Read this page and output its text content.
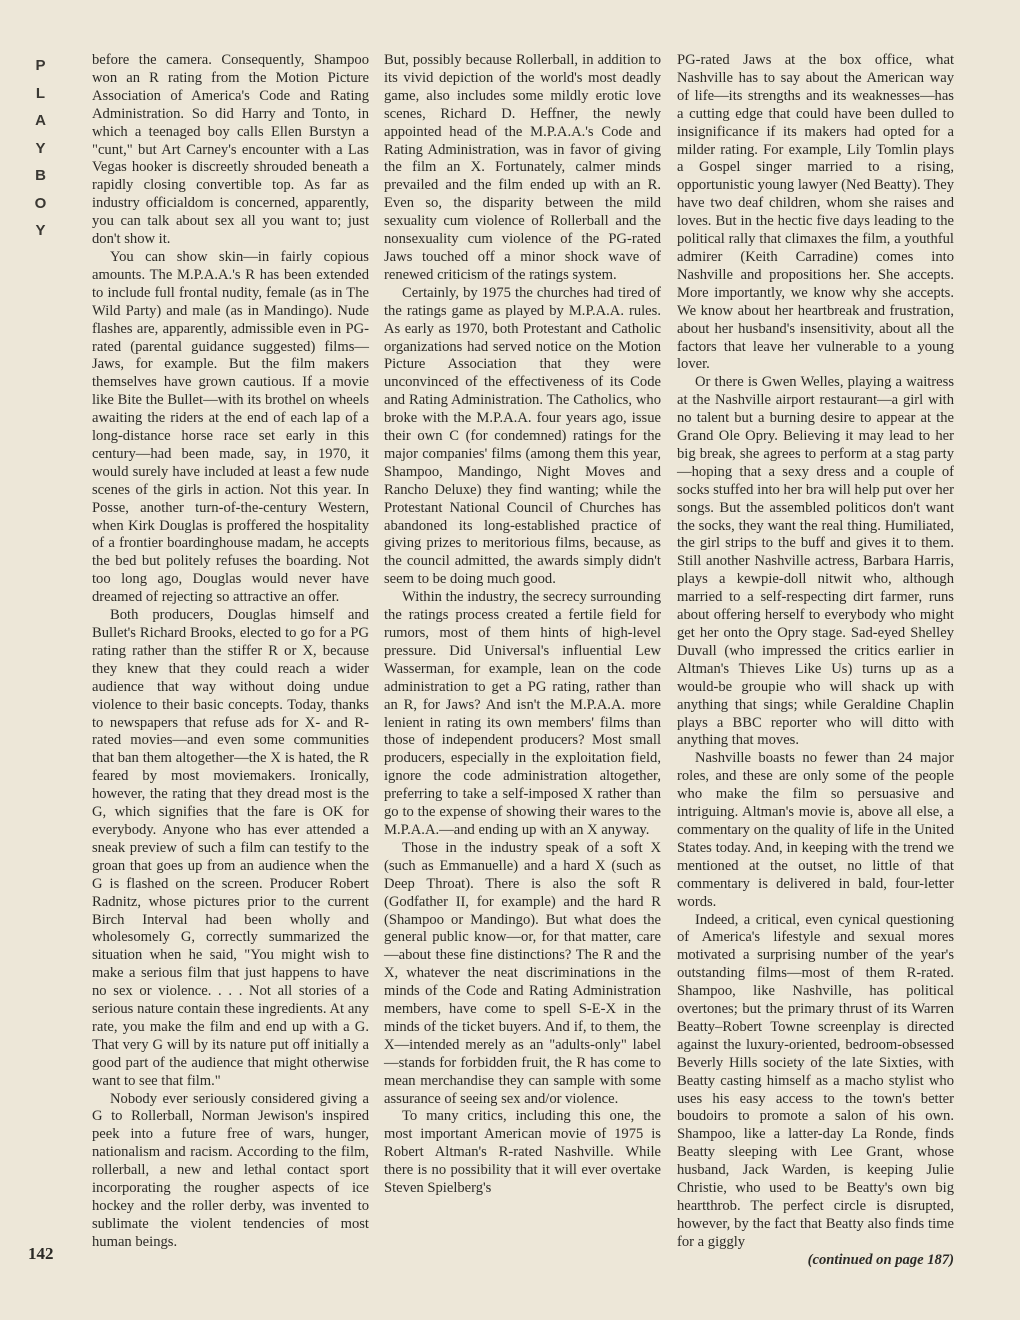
P
L
A
Y
B
O
Y
142

before the camera. Consequently, Shampoo won an R rating from the Motion Picture Association of America's Code and Rating Administration. So did Harry and Tonto, in which a teenaged boy calls Ellen Burstyn a "cunt," but Art Carney's encounter with a Las Vegas hooker is discreetly shrouded beneath a rapidly closing convertible top. As far as industry officialdom is concerned, apparently, you can talk about sex all you want to; just don't show it.

You can show skin—in fairly copious amounts. The M.P.A.A.'s R has been extended to include full frontal nudity, female (as in The Wild Party) and male (as in Mandingo). Nude flashes are, apparently, admissible even in PG-rated (parental guidance suggested) films—Jaws, for example. But the film makers themselves have grown cautious. If a movie like Bite the Bullet—with its brothel on wheels awaiting the riders at the end of each lap of a long-distance horse race set early in this century—had been made, say, in 1970, it would surely have included at least a few nude scenes of the girls in action. Not this year. In Posse, another turn-of-the-century Western, when Kirk Douglas is proffered the hospitality of a frontier boardinghouse madam, he accepts the bed but politely refuses the boarding. Not too long ago, Douglas would never have dreamed of rejecting so attractive an offer.

Both producers, Douglas himself and Bullet's Richard Brooks, elected to go for a PG rating rather than the stiffer R or X, because they knew that they could reach a wider audience that way without doing undue violence to their basic concepts. Today, thanks to newspapers that refuse ads for X- and R-rated movies—and even some communities that ban them altogether—the X is hated, the R feared by most moviemakers. Ironically, however, the rating that they dread most is the G, which signifies that the fare is OK for everybody. Anyone who has ever attended a sneak preview of such a film can testify to the groan that goes up from an audience when the G is flashed on the screen. Producer Robert Radnitz, whose pictures prior to the current Birch Interval had been wholly and wholesomely G, correctly summarized the situation when he said, "You might wish to make a serious film that just happens to have no sex or violence. . . . Not all stories of a serious nature contain these ingredients. At any rate, you make the film and end up with a G. That very G will by its nature put off initially a good part of the audience that might otherwise want to see that film."

Nobody ever seriously considered giving a G to Rollerball, Norman Jewison's inspired peek into a future free of wars, hunger, nationalism and racism. According to the film, rollerball, a new and lethal contact sport incorporating the rougher aspects of ice hockey and the roller derby, was invented to sublimate the violent tendencies of most human beings.

But, possibly because Rollerball, in addition to its vivid depiction of the world's most deadly game, also includes some mildly erotic love scenes, Richard D. Heffner, the newly appointed head of the M.P.A.A.'s Code and Rating Administration, was in favor of giving the film an X. Fortunately, calmer minds prevailed and the film ended up with an R. Even so, the disparity between the mild sexuality cum violence of Rollerball and the nonsexuality cum violence of the PG-rated Jaws touched off a minor shock wave of renewed criticism of the ratings system.

Certainly, by 1975 the churches had tired of the ratings game as played by M.P.A.A. rules. As early as 1970, both Protestant and Catholic organizations had served notice on the Motion Picture Association that they were unconvinced of the effectiveness of its Code and Rating Administration. The Catholics, who broke with the M.P.A.A. four years ago, issue their own C (for condemned) ratings for the major companies' films (among them this year, Shampoo, Mandingo, Night Moves and Rancho Deluxe) they find wanting; while the Protestant National Council of Churches has abandoned its long-established practice of giving prizes to meritorious films, because, as the council admitted, the awards simply didn't seem to be doing much good.

Within the industry, the secrecy surrounding the ratings process created a fertile field for rumors, most of them hints of high-level pressure. Did Universal's influential Lew Wasserman, for example, lean on the code administration to get a PG rating, rather than an R, for Jaws? And isn't the M.P.A.A. more lenient in rating its own members' films than those of independent producers? Most small producers, especially in the exploitation field, ignore the code administration altogether, preferring to take a self-imposed X rather than go to the expense of showing their wares to the M.P.A.A.—and ending up with an X anyway.

Those in the industry speak of a soft X (such as Emmanuelle) and a hard X (such as Deep Throat). There is also the soft R (Godfather II, for example) and the hard R (Shampoo or Mandingo). But what does the general public know—or, for that matter, care—about these fine distinctions? The R and the X, whatever the neat discriminations in the minds of the Code and Rating Administration members, have come to spell S-E-X in the minds of the ticket buyers. And if, to them, the X—intended merely as an "adults-only" label—stands for forbidden fruit, the R has come to mean merchandise they can sample with some assurance of seeing sex and/or violence.

To many critics, including this one, the most important American movie of 1975 is Robert Altman's R-rated Nashville. While there is no possibility that it will ever overtake Steven Spielberg's

PG-rated Jaws at the box office, what Nashville has to say about the American way of life—its strengths and its weaknesses—has a cutting edge that could have been dulled to insignificance if its makers had opted for a milder rating. For example, Lily Tomlin plays a Gospel singer married to a rising, opportunistic young lawyer (Ned Beatty). They have two deaf children, whom she raises and loves. But in the hectic five days leading to the political rally that climaxes the film, a youthful admirer (Keith Carradine) comes into Nashville and propositions her. She accepts. More importantly, we know why she accepts. We know about her heartbreak and frustration, about her husband's insensitivity, about all the factors that leave her vulnerable to a young lover.

Or there is Gwen Welles, playing a waitress at the Nashville airport restaurant—a girl with no talent but a burning desire to appear at the Grand Ole Opry. Believing it may lead to her big break, she agrees to perform at a stag party—hoping that a sexy dress and a couple of socks stuffed into her bra will help put over her songs. But the assembled politicos don't want the socks, they want the real thing. Humiliated, the girl strips to the buff and gives it to them. Still another Nashville actress, Barbara Harris, plays a kewpie-doll nitwit who, although married to a self-respecting dirt farmer, runs about offering herself to everybody who might get her onto the Opry stage. Sad-eyed Shelley Duvall (who impressed the critics earlier in Altman's Thieves Like Us) turns up as a would-be groupie who will shack up with anything that sings; while Geraldine Chaplin plays a BBC reporter who will ditto with anything that moves.

Nashville boasts no fewer than 24 major roles, and these are only some of the people who make the film so persuasive and intriguing. Altman's movie is, above all else, a commentary on the quality of life in the United States today. And, in keeping with the trend we mentioned at the outset, no little of that commentary is delivered in bald, four-letter words.

Indeed, a critical, even cynical questioning of America's lifestyle and sexual mores motivated a surprising number of the year's outstanding films—most of them R-rated. Shampoo, like Nashville, has political overtones; but the primary thrust of its Warren Beatty–Robert Towne screenplay is directed against the luxury-oriented, bedroom-obsessed Beverly Hills society of the late Sixties, with Beatty casting himself as a macho stylist who uses his easy access to the town's better boudoirs to promote a salon of his own. Shampoo, like a latter-day La Ronde, finds Beatty sleeping with Lee Grant, whose husband, Jack Warden, is keeping Julie Christie, who used to be Beatty's own big heartthrob. The perfect circle is disrupted, however, by the fact that Beatty also finds time for a giggly

(continued on page 187)
